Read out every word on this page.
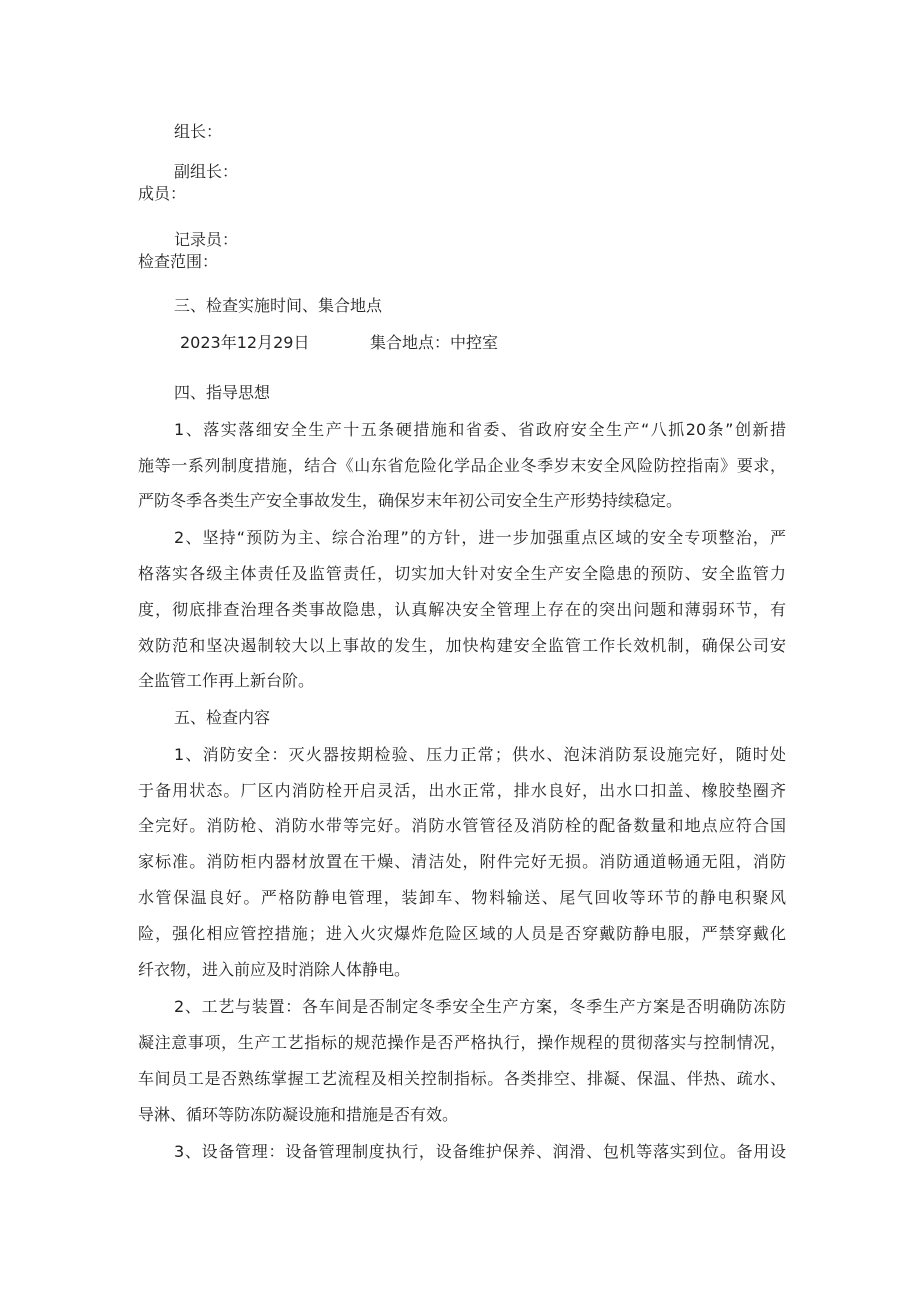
组长：
副组长：
成员：
记录员：
检查范围：
三、检查实施时间、集合地点
2023年12月29日	集合地点：中控室
四、指导思想
1、落实落细安全生产十五条硬措施和省委、省政府安全生产“八抓20条”创新措
施等一系列制度措施，结合《山东省危险化学品企业冬季岁末安全风险防控指南》要求，
严防冬季各类生产安全事故发生，确保岁末年初公司安全生产形势持续稳定。
2、坚持“预防为主、综合治理”的方针，进一步加强重点区域的安全专项整治，严
格落实各级主体责任及监管责任，切实加大针对安全生产安全隐患的预防、安全监管力
度，彻底排查治理各类事故隐患，认真解决安全管理上存在的突出问题和薄弱环节，有
效防范和坚决遏制较大以上事故的发生，加快构建安全监管工作长效机制，确保公司安
全监管工作再上新台阶。
五、检查内容
1、消防安全：灭火器按期检验、压力正常；供水、泡沫消防泵设施完好，随时处
于备用状态。厂区内消防栓开启灵活，出水正常，排水良好，出水口扣盖、橡胶垫圈齐
全完好。消防枪、消防水带等完好。消防水管管径及消防栓的配备数量和地点应符合国
家标准。消防柜内器材放置在干燥、清洁处，附件完好无损。消防通道畅通无阻，消防
水管保温良好。严格防静电管理，装卸车、物料输送、尾气回收等环节的静电积聚风
险，强化相应管控措施；进入火灾爆炸危险区域的人员是否穿戴防静电服，严禁穿戴化
纤衣物，进入前应及时消除人体静电。
2、工艺与装置：各车间是否制定冬季安全生产方案，冬季生产方案是否明确防冻防
凝注意事项，生产工艺指标的规范操作是否严格执行，操作规程的贯彻落实与控制情况，
车间员工是否熟练掌握工艺流程及相关控制指标。各类排空、排凝、保温、伴热、疏水、
导淋、循环等防冻防凝设施和措施是否有效。
3、设备管理：设备管理制度执行，设备维护保养、润滑、包机等落实到位。备用设
